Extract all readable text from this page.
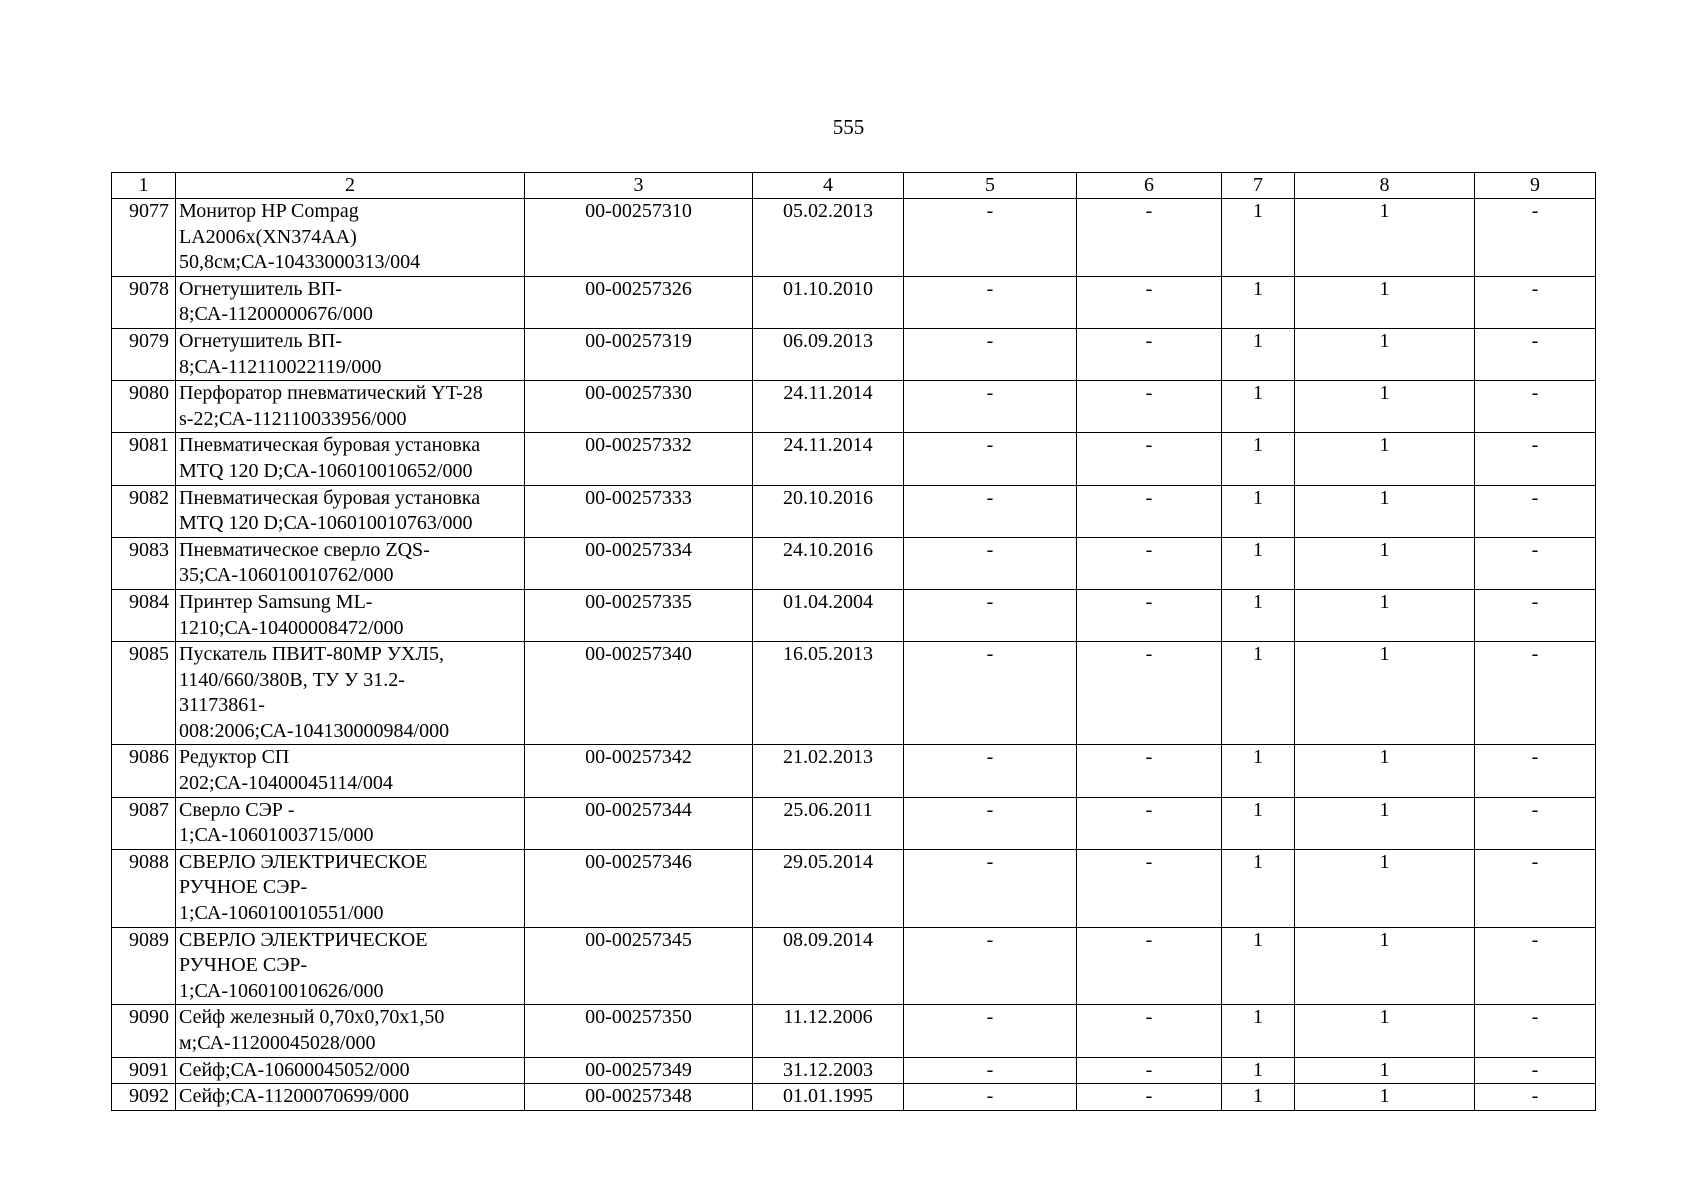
555
1	2	3	4	5	6	7	8	9
9077	Монитор HP Compag
LA2006x(XN374AA)
50,8см;СА-10433000313/004	00-00257310	05.02.2013	-	-	1	1	-
9078	Огнетушитель ВП-
8;СА-11200000676/000	00-00257326	01.10.2010	-	-	1	1	-
9079	Огнетушитель ВП-
8;СА-112110022119/000	00-00257319	06.09.2013	-	-	1	1	-
9080	Перфоратор пневматический YT-28
s-22;СА-112110033956/000	00-00257330	24.11.2014	-	-	1	1	-
9081	Пневматическая буровая установка
MTQ 120 D;СА-106010010652/000	00-00257332	24.11.2014	-	-	1	1	-
9082	Пневматическая буровая установка
MTQ 120 D;СА-106010010763/000	00-00257333	20.10.2016	-	-	1	1	-
9083	Пневматическое сверло ZQS-
35;СА-106010010762/000	00-00257334	24.10.2016	-	-	1	1	-
9084	Принтер Samsung ML-
1210;СА-10400008472/000	00-00257335	01.04.2004	-	-	1	1	-
9085	Пускатель ПВИТ-80МР УХЛ5,
1140/660/380В, ТУ У 31.2-
31173861-
008:2006;СА-104130000984/000	00-00257340	16.05.2013	-	-	1	1	-
9086	Редуктор СП
202;СА-10400045114/004	00-00257342	21.02.2013	-	-	1	1	-
9087	Сверло СЭР -
1;СА-10601003715/000	00-00257344	25.06.2011	-	-	1	1	-
9088	СВЕРЛО ЭЛЕКТРИЧЕСКОЕ
РУЧНОЕ СЭР-
1;СА-106010010551/000	00-00257346	29.05.2014	-	-	1	1	-
9089	СВЕРЛО ЭЛЕКТРИЧЕСКОЕ
РУЧНОЕ СЭР-
1;СА-106010010626/000	00-00257345	08.09.2014	-	-	1	1	-
9090	Сейф железный 0,70х0,70х1,50
м;СА-11200045028/000	00-00257350	11.12.2006	-	-	1	1	-
9091	Сейф;СА-10600045052/000	00-00257349	31.12.2003	-	-	1	1	-
9092	Сейф;СА-11200070699/000	00-00257348	01.01.1995	-	-	1	1	-
